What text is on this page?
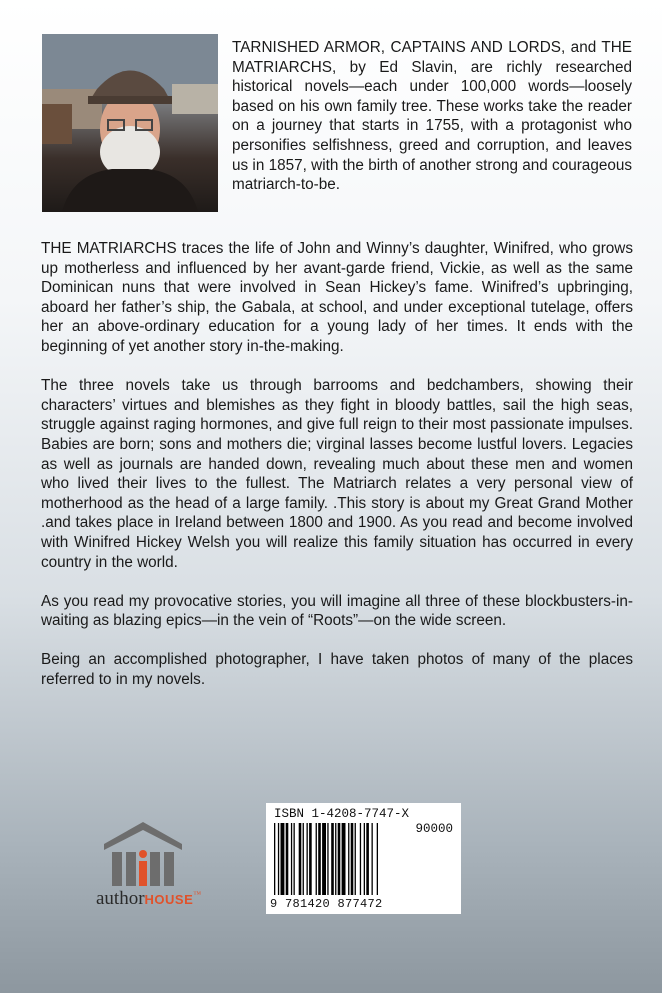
TARNISHED ARMOR, CAPTAINS AND LORDS, and THE MATRIARCHS, by Ed Slavin, are richly researched historical novels—each under 100,000 words—loosely based on his own family tree. These works take the reader on a journey that starts in 1755, with a protagonist who personifies selfishness, greed and corruption, and leaves us in 1857, with the birth of another strong and courageous matriarch-to-be.

THE MATRIARCHS traces the life of John and Winny’s daughter, Winifred, who grows up motherless and influenced by her avant-garde friend, Vickie, as well as the same Dominican nuns that were involved in Sean Hickey’s fame. Winifred’s upbringing, aboard her father’s ship, the Gabala, at school, and under exceptional tutelage, offers her an above-ordinary education for a young lady of her times. It ends with the beginning of yet another story in-the-making.

The three novels take us through barrooms and bedchambers, showing their characters’ virtues and blemishes as they fight in bloody battles, sail the high seas, struggle against raging hormones, and give full reign to their most passionate impulses. Babies are born; sons and mothers die; virginal lasses become lustful lovers. Legacies as well as journals are handed down, revealing much about these men and women who lived their lives to the fullest. The Matriarch relates a very personal view of motherhood as the head of a large family. .This story is about my Great Grand Mother .and takes place in Ireland between 1800 and 1900. As you read and become involved with Winifred Hickey Welsh you will realize this family situation has occurred in every country in the world.

As you read my provocative stories, you will imagine all three of these blockbusters-in-waiting as blazing epics—in the vein of “Roots”—on the wide screen.

Being an accomplished photographer, I have taken photos of many of the places referred to in my novels.

authorHOUSE™
ISBN 1-4208-7747-X
90000
9 781420 877472
